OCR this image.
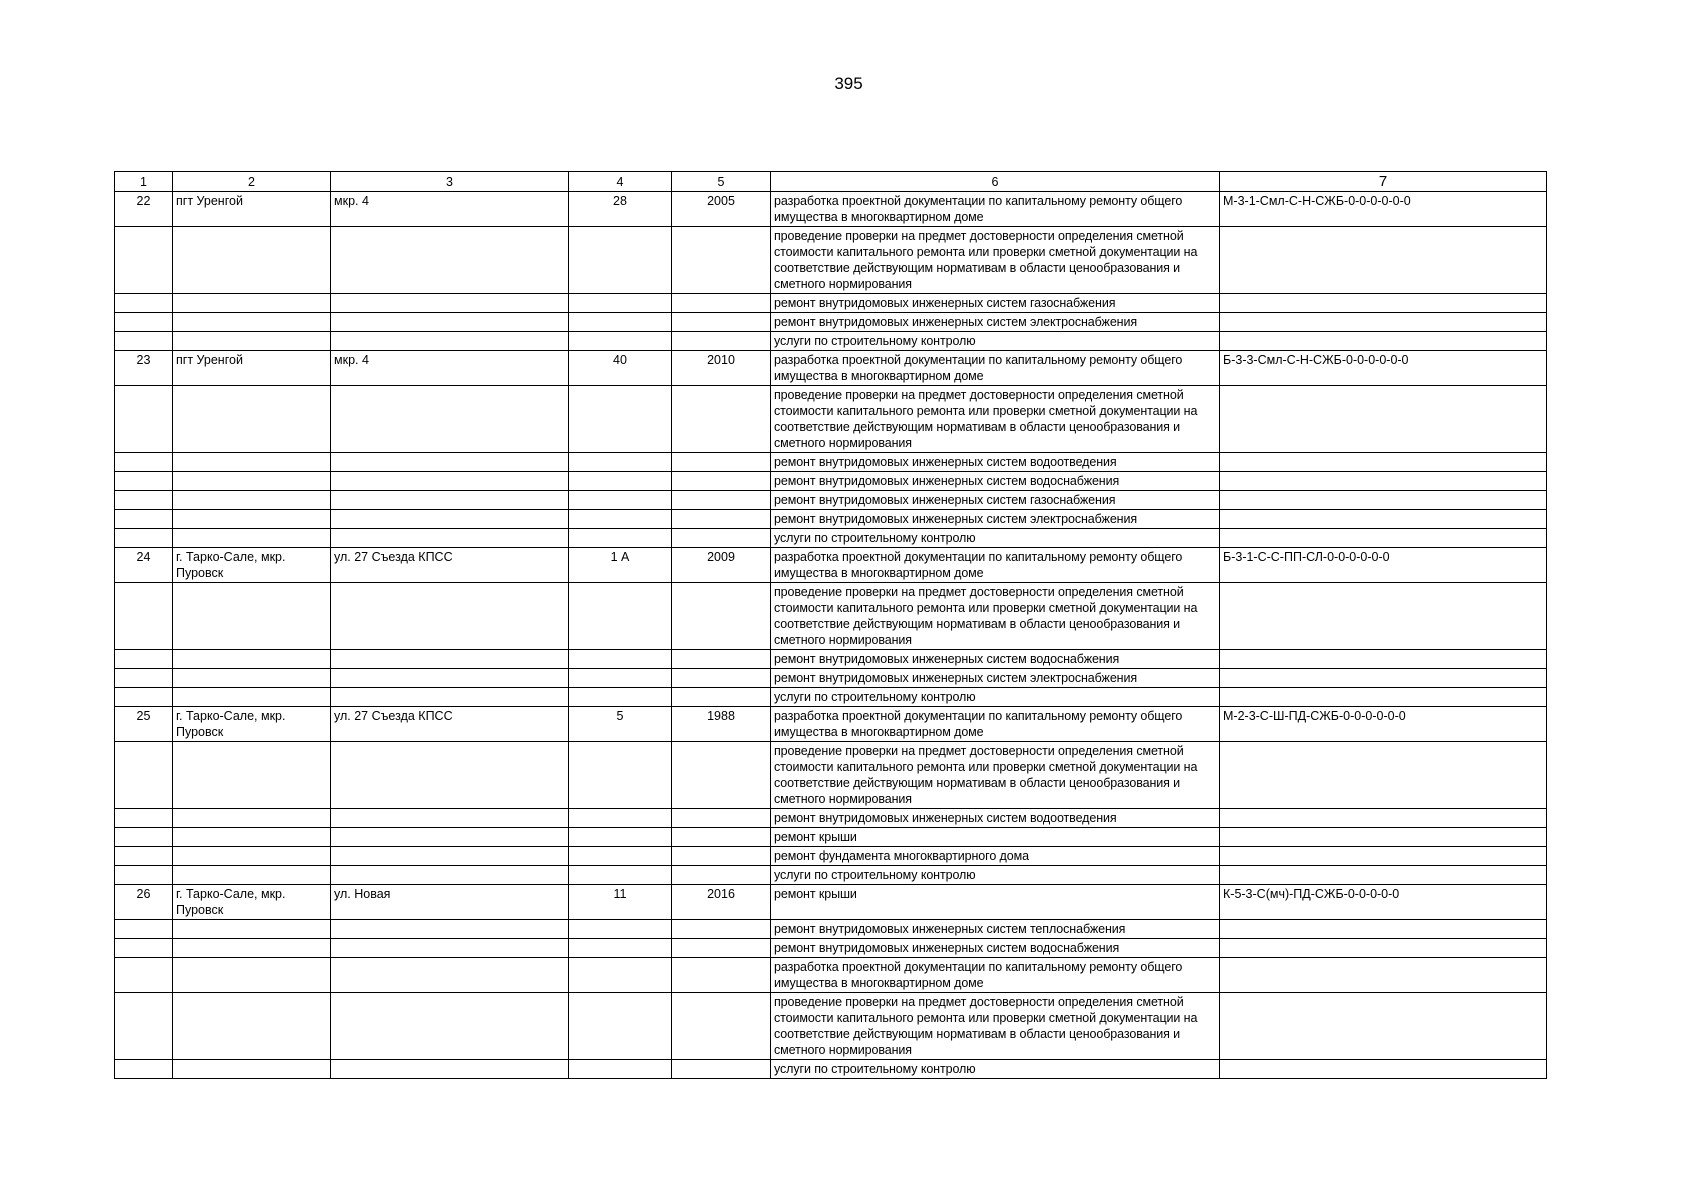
395
1	2	3	4	5	6	7
22	пгт Уренгой	мкр. 4	28	2005	разработка проектной документации по капитальному ремонту общего имущества в многоквартирном доме	М-3-1-Смл-С-Н-СЖБ-0-0-0-0-0-0
					проведение проверки на предмет достоверности определения сметной стоимости капитального ремонта или проверки сметной документации на соответствие действующим нормативам в области ценообразования и сметного нормирования	
					ремонт внутридомовых инженерных систем газоснабжения	
					ремонт внутридомовых инженерных систем электроснабжения	
					услуги по строительному контролю	
23	пгт Уренгой	мкр. 4	40	2010	разработка проектной документации по капитальному ремонту общего имущества в многоквартирном доме	Б-3-3-Смл-С-Н-СЖБ-0-0-0-0-0-0
					проведение проверки на предмет достоверности определения сметной стоимости капитального ремонта или проверки сметной документации на соответствие действующим нормативам в области ценообразования и сметного нормирования	
					ремонт внутридомовых инженерных систем водоотведения	
					ремонт внутридомовых инженерных систем водоснабжения	
					ремонт внутридомовых инженерных систем газоснабжения	
					ремонт внутридомовых инженерных систем электроснабжения	
					услуги по строительному контролю	
24	г. Тарко-Сале, мкр. Пуровск	ул. 27 Съезда КПСС	1 А	2009	разработка проектной документации по капитальному ремонту общего имущества в многоквартирном доме	Б-3-1-С-С-ПП-СЛ-0-0-0-0-0-0
					проведение проверки на предмет достоверности определения сметной стоимости капитального ремонта или проверки сметной документации на соответствие действующим нормативам в области ценообразования и сметного нормирования	
					ремонт внутридомовых инженерных систем водоснабжения	
					ремонт внутридомовых инженерных систем электроснабжения	
					услуги по строительному контролю	
25	г. Тарко-Сале, мкр. Пуровск	ул. 27 Съезда КПСС	5	1988	разработка проектной документации по капитальному ремонту общего имущества в многоквартирном доме	М-2-3-С-Ш-ПД-СЖБ-0-0-0-0-0-0
					проведение проверки на предмет достоверности определения сметной стоимости капитального ремонта или проверки сметной документации на соответствие действующим нормативам в области ценообразования и сметного нормирования	
					ремонт внутридомовых инженерных систем водоотведения	
					ремонт крыши	
					ремонт фундамента многоквартирного дома	
					услуги по строительному контролю	
26	г. Тарко-Сале, мкр. Пуровск	ул. Новая	11	2016	ремонт крыши	К-5-3-С(мч)-ПД-СЖБ-0-0-0-0-0
					ремонт внутридомовых инженерных систем теплоснабжения	
					ремонт внутридомовых инженерных систем водоснабжения	
					разработка проектной документации по капитальному ремонту общего имущества в многоквартирном доме	
					проведение проверки на предмет достоверности определения сметной стоимости капитального ремонта или проверки сметной документации на соответствие действующим нормативам в области ценообразования и сметного нормирования	
					услуги по строительному контролю	
